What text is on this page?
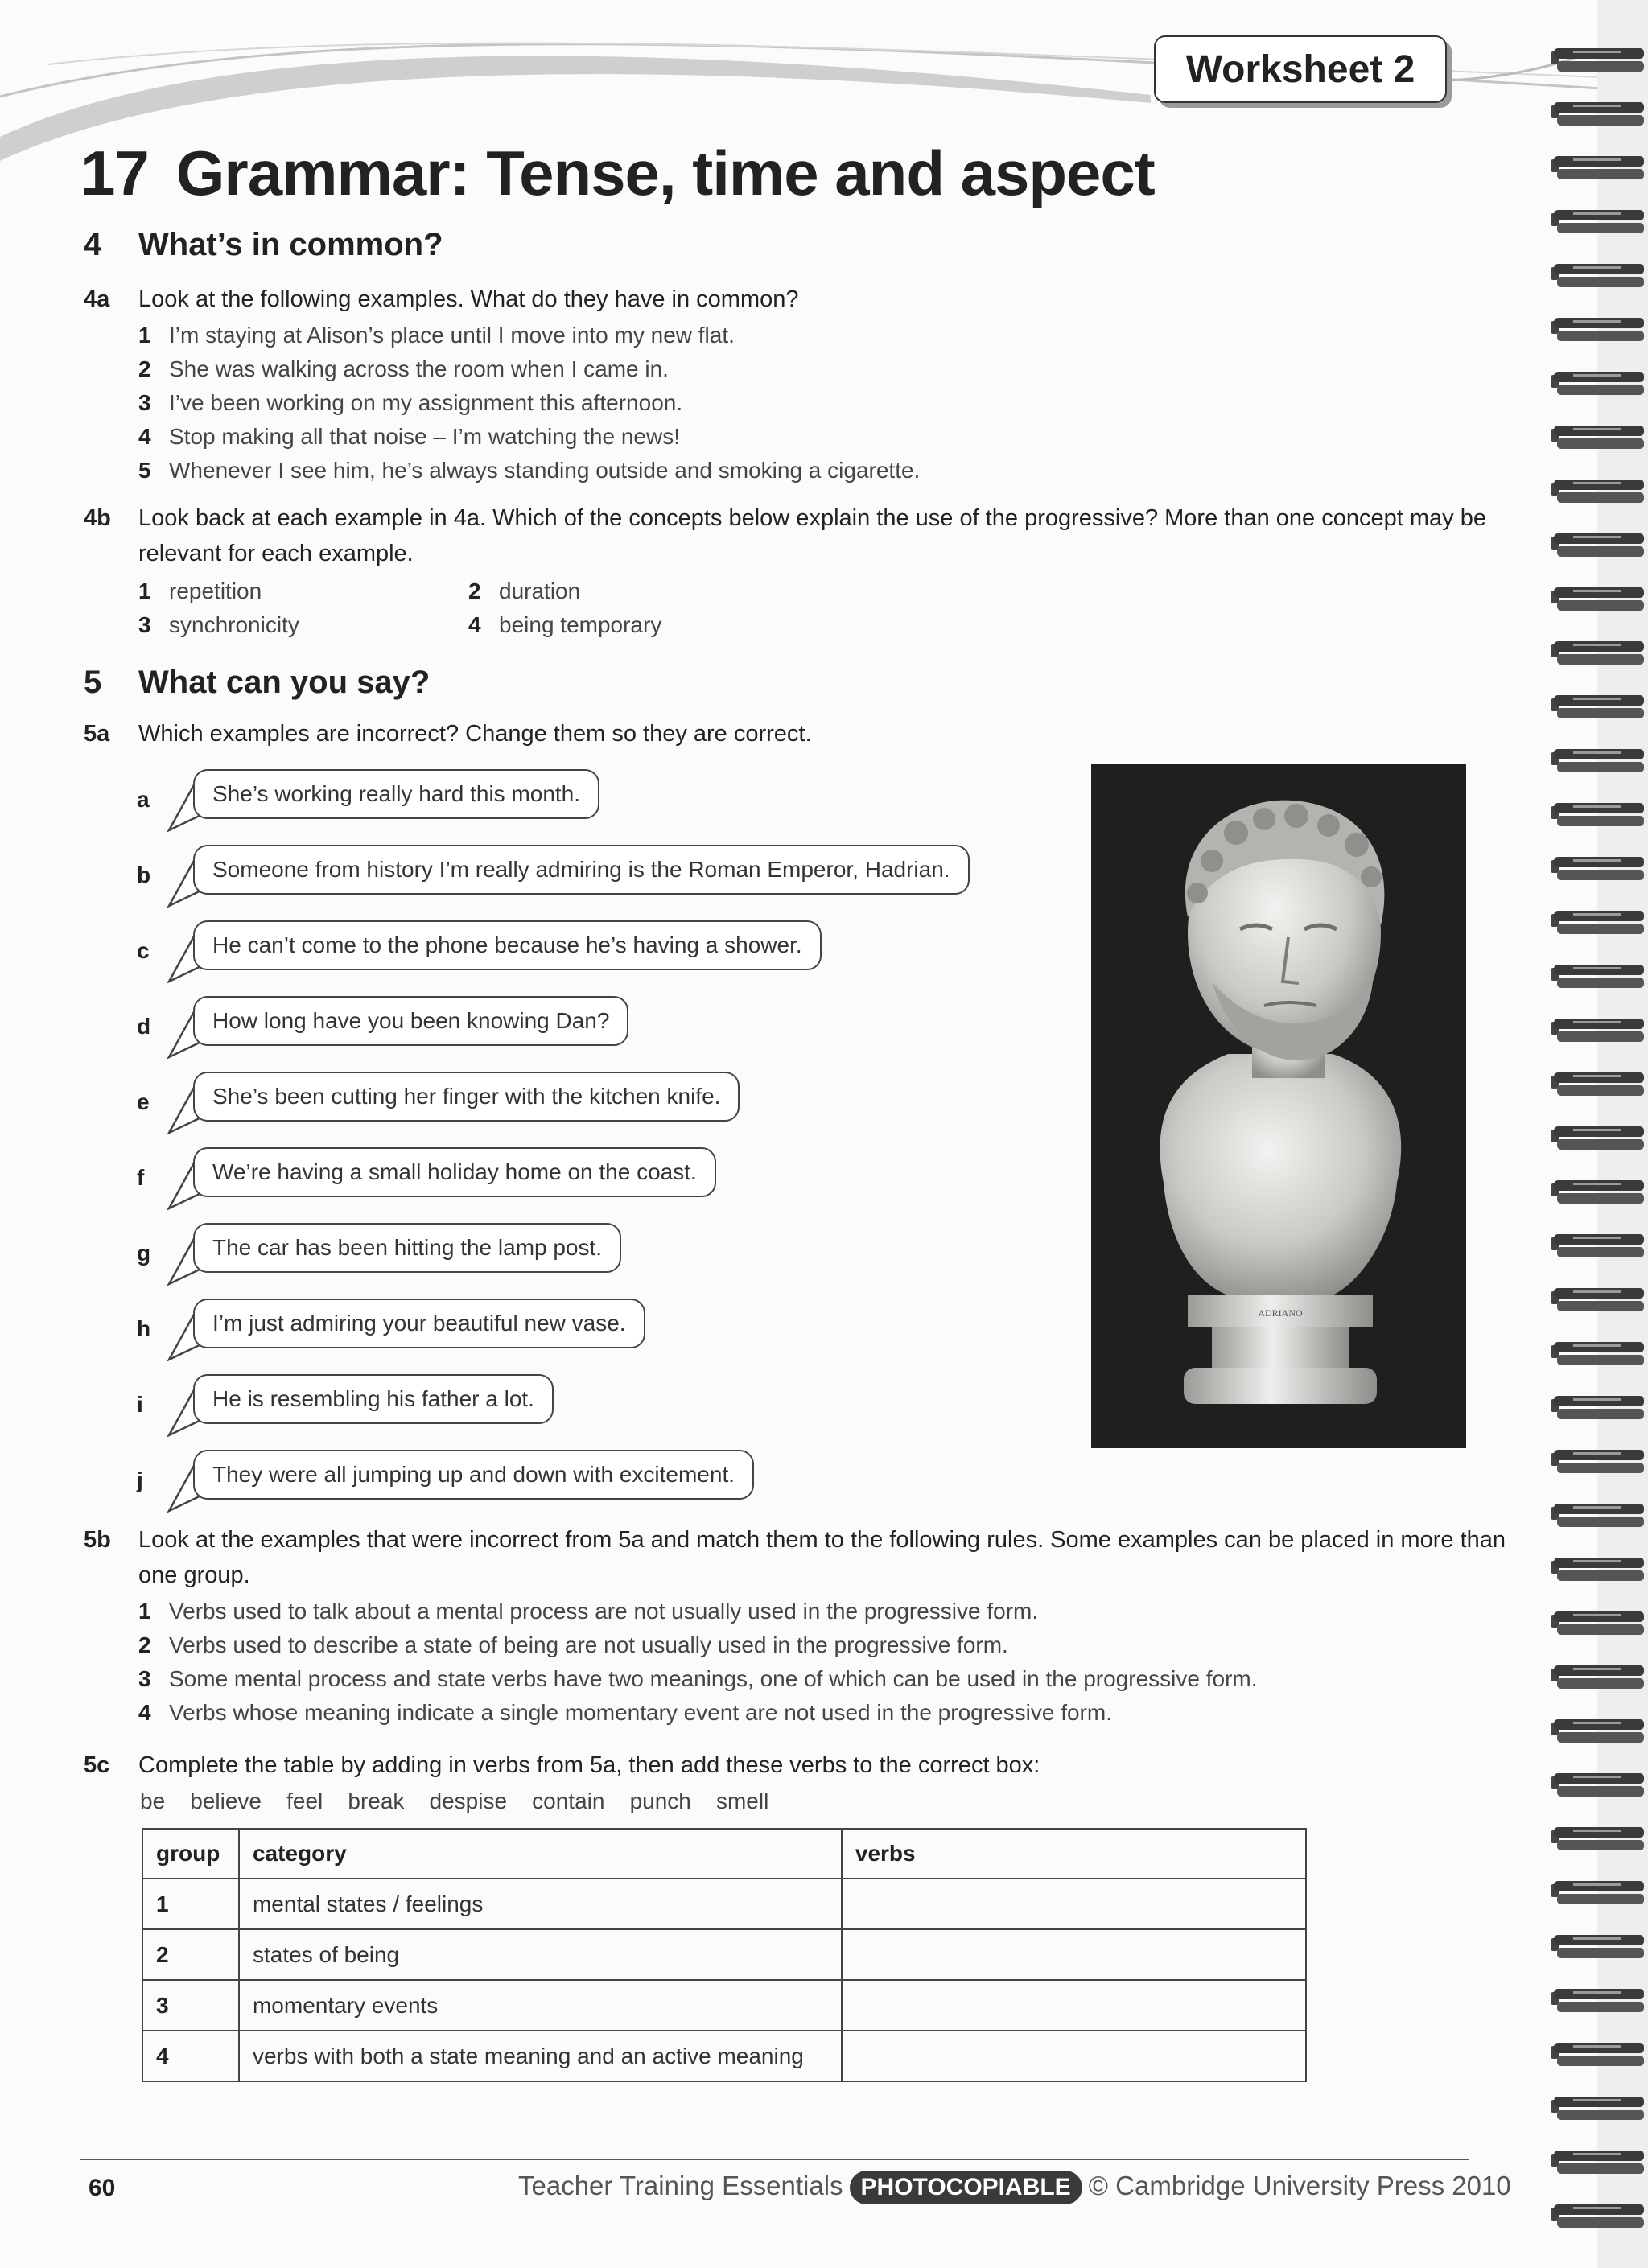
Worksheet 2
17 Grammar: Tense, time and aspect
4 What’s in common?
4a Look at the following examples. What do they have in common?
1 I’m staying at Alison’s place until I move into my new flat.
2 She was walking across the room when I came in.
3 I’ve been working on my assignment this afternoon.
4 Stop making all that noise – I’m watching the news!
5 Whenever I see him, he’s always standing outside and smoking a cigarette.
4b Look back at each example in 4a. Which of the concepts below explain the use of the progressive? More than one concept may be relevant for each example.
1 repetition	2 duration
3 synchronicity	4 being temporary
5 What can you say?
5a Which examples are incorrect? Change them so they are correct.
a	She’s working really hard this month.
b	Someone from history I’m really admiring is the Roman Emperor, Hadrian.
c	He can’t come to the phone because he’s having a shower.
d	How long have you been knowing Dan?
e	She’s been cutting her finger with the kitchen knife.
f	We’re having a small holiday home on the coast.
g	The car has been hitting the lamp post.
h	I’m just admiring your beautiful new vase.
i	He is resembling his father a lot.
j	They were all jumping up and down with excitement.
ADRIANO
5b Look at the examples that were incorrect from 5a and match them to the following rules. Some examples can be placed in more than one group.
1 Verbs used to talk about a mental process are not usually used in the progressive form.
2 Verbs used to describe a state of being are not usually used in the progressive form.
3 Some mental process and state verbs have two meanings, one of which can be used in the progressive form.
4 Verbs whose meaning indicate a single momentary event are not used in the progressive form.
5c Complete the table by adding in verbs from 5a, then add these verbs to the correct box:
be    believe    feel    break    despise    contain    punch    smell
group	category	verbs
1	mental states / feelings	
2	states of being	
3	momentary events	
4	verbs with both a state meaning and an active meaning	
60	Teacher Training Essentials PHOTOCOPIABLE © Cambridge University Press 2010
